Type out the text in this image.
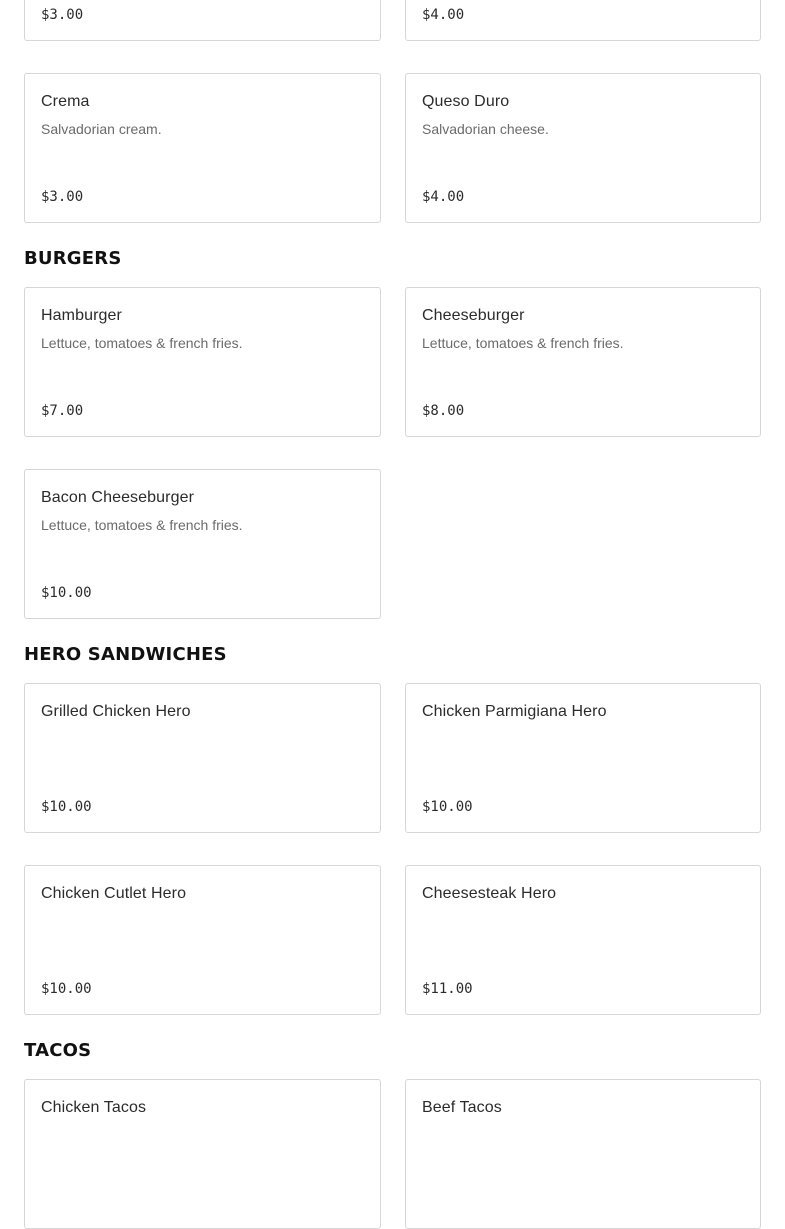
$3.00	$4.00
Crema
Salvadorian cream.
$3.00
Queso Duro
Salvadorian cheese.
$4.00
BURGERS
Hamburger
Lettuce, tomatoes & french fries.
$7.00
Cheeseburger
Lettuce, tomatoes & french fries.
$8.00
Bacon Cheeseburger
Lettuce, tomatoes & french fries.
$10.00
HERO SANDWICHES
Grilled Chicken Hero
$10.00
Chicken Parmigiana Hero
$10.00
Chicken Cutlet Hero
$10.00
Cheesesteak Hero
$11.00
TACOS
Chicken Tacos	Beef Tacos
